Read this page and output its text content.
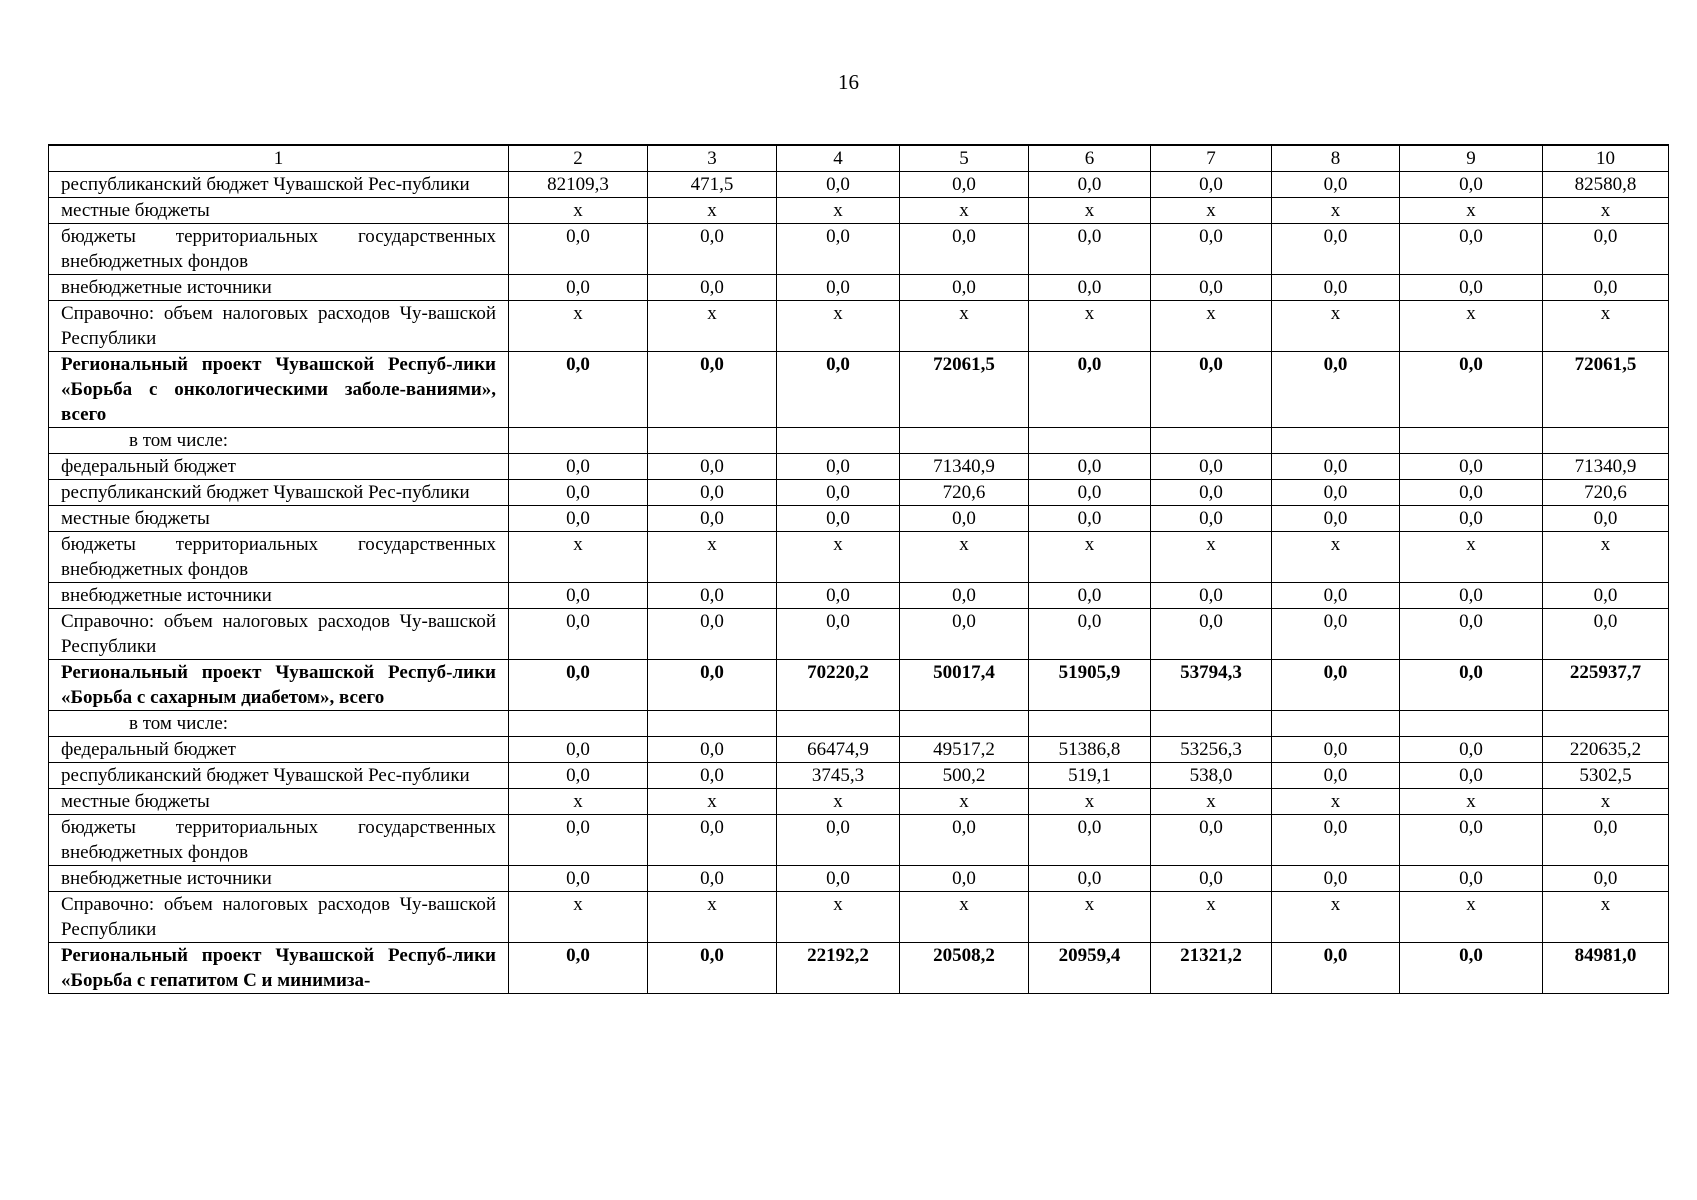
16
1	2	3	4	5	6	7	8	9	10
республиканский бюджет Чувашской Рес-публики	82109,3	471,5	0,0	0,0	0,0	0,0	0,0	0,0	82580,8
местные бюджеты	х	х	х	х	х	х	х	х	х
бюджеты территориальных государственных внебюджетных фондов	0,0	0,0	0,0	0,0	0,0	0,0	0,0	0,0	0,0
внебюджетные источники	0,0	0,0	0,0	0,0	0,0	0,0	0,0	0,0	0,0
Справочно: объем налоговых расходов Чу-вашской Республики	х	х	х	х	х	х	х	х	х
Региональный проект Чувашской Респуб-лики «Борьба с онкологическими заболе-ваниями», всего	0,0	0,0	0,0	72061,5	0,0	0,0	0,0	0,0	72061,5
в том числе:									
федеральный бюджет	0,0	0,0	0,0	71340,9	0,0	0,0	0,0	0,0	71340,9
республиканский бюджет Чувашской Рес-публики	0,0	0,0	0,0	720,6	0,0	0,0	0,0	0,0	720,6
местные бюджеты	0,0	0,0	0,0	0,0	0,0	0,0	0,0	0,0	0,0
бюджеты территориальных государственных внебюджетных фондов	х	х	х	х	х	х	х	х	х
внебюджетные источники	0,0	0,0	0,0	0,0	0,0	0,0	0,0	0,0	0,0
Справочно: объем налоговых расходов Чу-вашской Республики	0,0	0,0	0,0	0,0	0,0	0,0	0,0	0,0	0,0
Региональный проект Чувашской Респуб-лики «Борьба с сахарным диабетом», всего	0,0	0,0	70220,2	50017,4	51905,9	53794,3	0,0	0,0	225937,7
в том числе:									
федеральный бюджет	0,0	0,0	66474,9	49517,2	51386,8	53256,3	0,0	0,0	220635,2
республиканский бюджет Чувашской Рес-публики	0,0	0,0	3745,3	500,2	519,1	538,0	0,0	0,0	5302,5
местные бюджеты	х	х	х	х	х	х	х	х	х
бюджеты территориальных государственных внебюджетных фондов	0,0	0,0	0,0	0,0	0,0	0,0	0,0	0,0	0,0
внебюджетные источники	0,0	0,0	0,0	0,0	0,0	0,0	0,0	0,0	0,0
Справочно: объем налоговых расходов Чу-вашской Республики	х	х	х	х	х	х	х	х	х
Региональный проект Чувашской Респуб-лики «Борьба с гепатитом С и минимиза-	0,0	0,0	22192,2	20508,2	20959,4	21321,2	0,0	0,0	84981,0
